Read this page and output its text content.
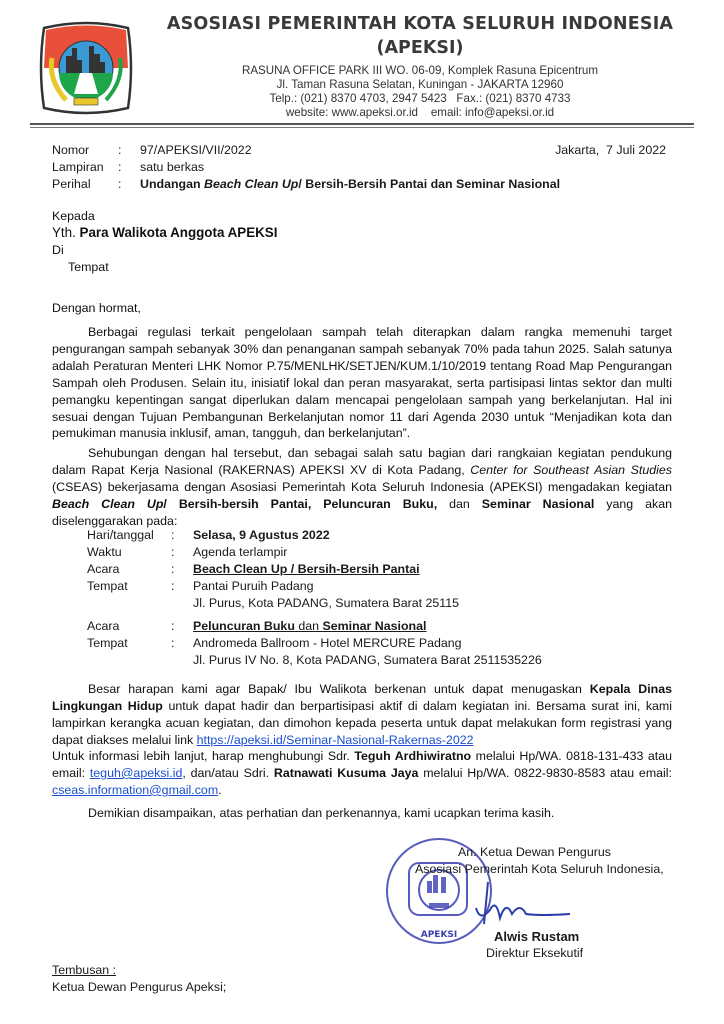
ASOSIASI PEMERINTAH KOTA SELURUH INDONESIA
(APEKSI)
RASUNA OFFICE PARK III WO. 06-09, Komplek Rasuna Epicentrum
Jl. Taman Rasuna Selatan, Kuningan - JAKARTA 12960
Telp.: (021) 8370 4703, 2947 5423   Fax.: (021) 8370 4733
website: www.apeksi.or.id    email: info@apeksi.or.id
Nomor : 97/APEKSI/VII/2022	Jakarta,  7 Juli 2022
Lampiran : satu berkas
Perihal : Undangan Beach Clean Up/ Bersih-Bersih Pantai dan Seminar Nasional
Kepada
Yth. Para Walikota Anggota APEKSI
Di
Tempat
Dengan hormat,

Berbagai regulasi terkait pengelolaan sampah telah diterapkan dalam rangka memenuhi target pengurangan sampah sebanyak 30% dan penanganan sampah sebanyak 70% pada tahun 2025. Salah satunya adalah Peraturan Menteri LHK Nomor P.75/MENLHK/SETJEN/KUM.1/10/2019 tentang Road Map Pengurangan Sampah oleh Produsen. Selain itu, inisiatif lokal dan peran masyarakat, serta partisipasi lintas sektor dan multi pemangku kepentingan sangat diperlukan dalam mencapai pengelolaan sampah yang berkelanjutan. Hal ini sesuai dengan Tujuan Pembangunan Berkelanjutan nomor 11 dari Agenda 2030 untuk “Menjadikan kota dan pemukiman manusia inklusif, aman, tangguh, dan berkelanjutan”.

Sehubungan dengan hal tersebut, dan sebagai salah satu bagian dari rangkaian kegiatan pendukung dalam Rapat Kerja Nasional (RAKERNAS) APEKSI XV di Kota Padang, Center for Southeast Asian Studies (CSEAS) bekerjasama dengan Asosiasi Pemerintah Kota Seluruh Indonesia (APEKSI) mengadakan kegiatan Beach Clean Up/ Bersih-bersih Pantai, Peluncuran Buku, dan Seminar Nasional yang akan diselenggarakan pada:

Hari/tanggal : Selasa, 9 Agustus 2022
Waktu	: Agenda terlampir
Acara	: Beach Clean Up / Bersih-Bersih Pantai
Tempat	: Pantai Puruih Padang
Jl. Purus, Kota PADANG, Sumatera Barat 25115
Acara	: Peluncuran Buku dan Seminar Nasional
Tempat	: Andromeda Ballroom - Hotel MERCURE Padang
Jl. Purus IV No. 8, Kota PADANG, Sumatera Barat 2511535226

Besar harapan kami agar Bapak/ Ibu Walikota berkenan untuk dapat menugaskan Kepala Dinas Lingkungan Hidup untuk dapat hadir dan berpartisipasi aktif di dalam kegiatan ini. Bersama surat ini, kami lampirkan kerangka acuan kegiatan, dan dimohon kepada peserta untuk dapat melakukan form registrasi yang dapat diakses melalui link https://apeksi.id/Seminar-Nasional-Rakernas-2022

Untuk informasi lebih lanjut, harap menghubungi Sdr. Teguh Ardhiwiratno melalui Hp/WA. 0818-131-433 atau email: teguh@apeksi.id, dan/atau Sdri. Ratnawati Kusuma Jaya melalui Hp/WA. 0822-9830-8583 atau email: cseas.information@gmail.com.

Demikian disampaikan, atas perhatian dan perkenannya, kami ucapkan terima kasih.

APEKSI
An. Ketua Dewan Pengurus
Asosiasi Pemerintah Kota Seluruh Indonesia,
Alwis Rustam
Direktur Eksekutif
Tembusan :
Ketua Dewan Pengurus Apeksi;
